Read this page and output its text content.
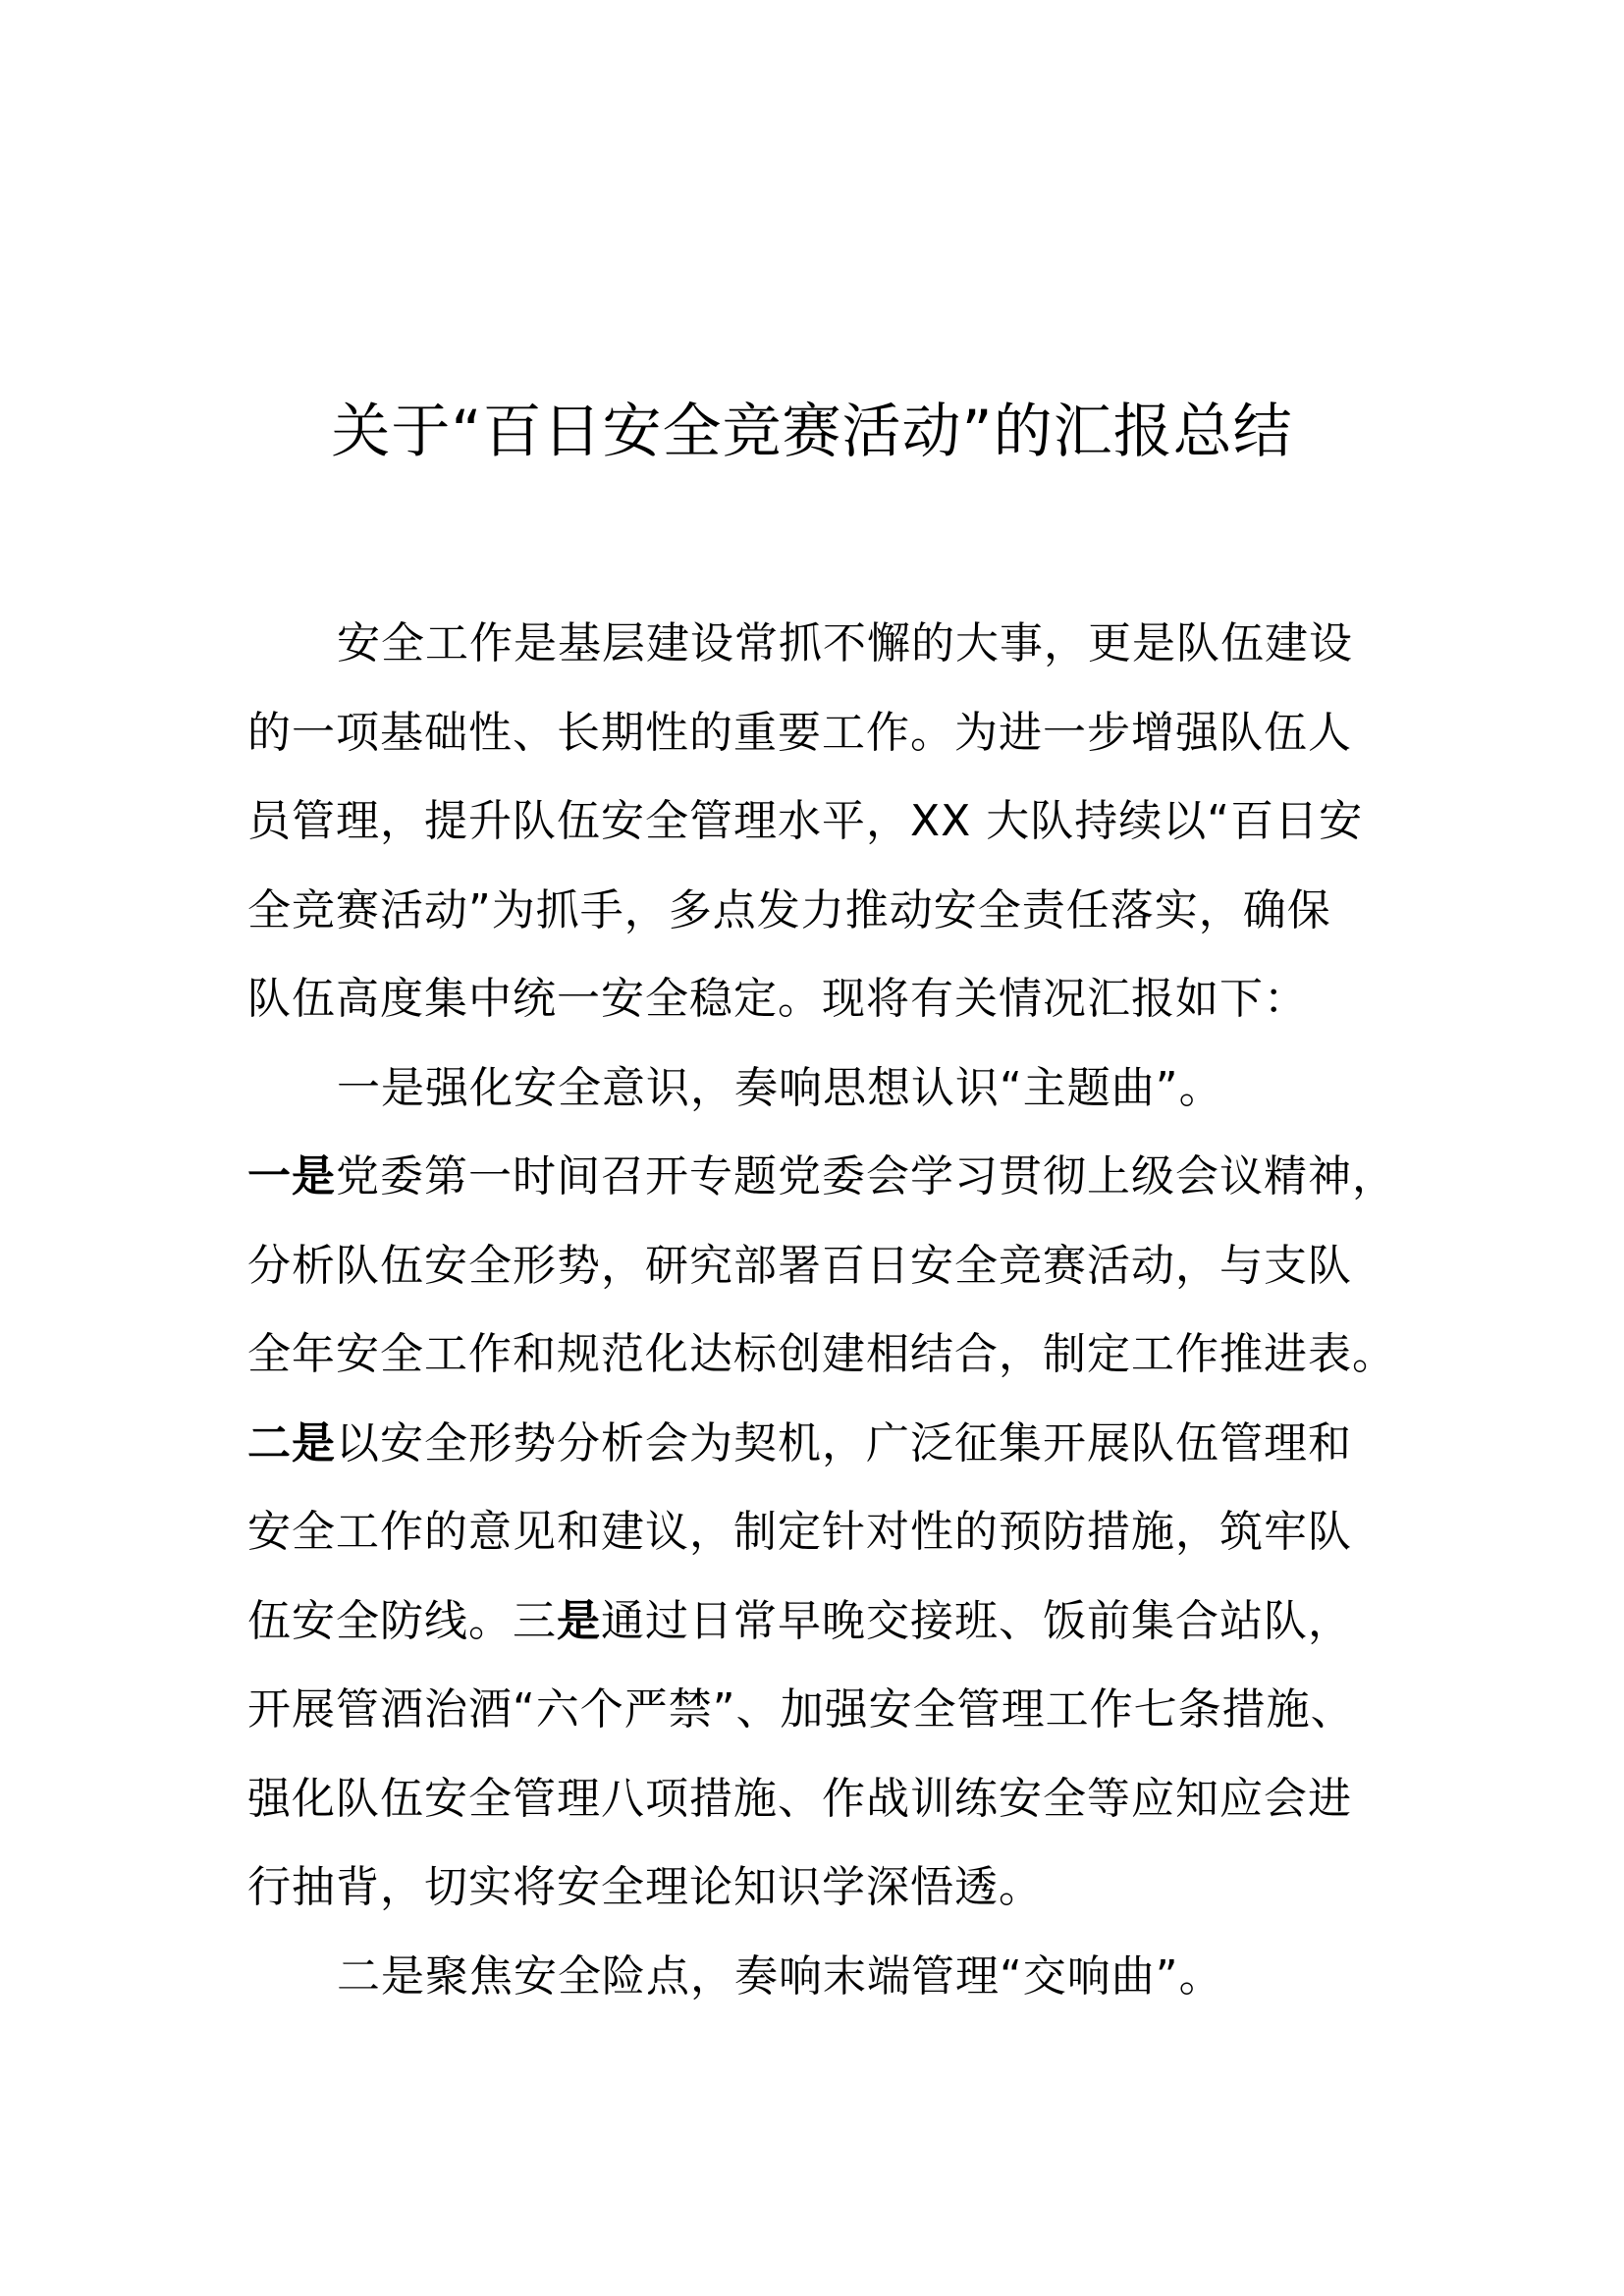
关于“百日安全竞赛活动”的汇报总结
安全工作是基层建设常抓不懈的大事，更是队伍建设
的一项基础性、长期性的重要工作。为进一步增强队伍人
员管理，提升队伍安全管理水平，XX 大队持续以“百日安
全竞赛活动”为抓手，多点发力推动安全责任落实，确保
队伍高度集中统一安全稳定。现将有关情况汇报如下：
一是强化安全意识，奏响思想认识“主题曲”。
一是党委第一时间召开专题党委会学习贯彻上级会议精神，
分析队伍安全形势，研究部署百日安全竞赛活动，与支队
全年安全工作和规范化达标创建相结合，制定工作推进表。
二是以安全形势分析会为契机，广泛征集开展队伍管理和
安全工作的意见和建议，制定针对性的预防措施，筑牢队
伍安全防线。三是通过日常早晚交接班、饭前集合站队，
开展管酒治酒“六个严禁”、加强安全管理工作七条措施、
强化队伍安全管理八项措施、作战训练安全等应知应会进
行抽背，切实将安全理论知识学深悟透。
二是聚焦安全险点，奏响末端管理“交响曲”。
